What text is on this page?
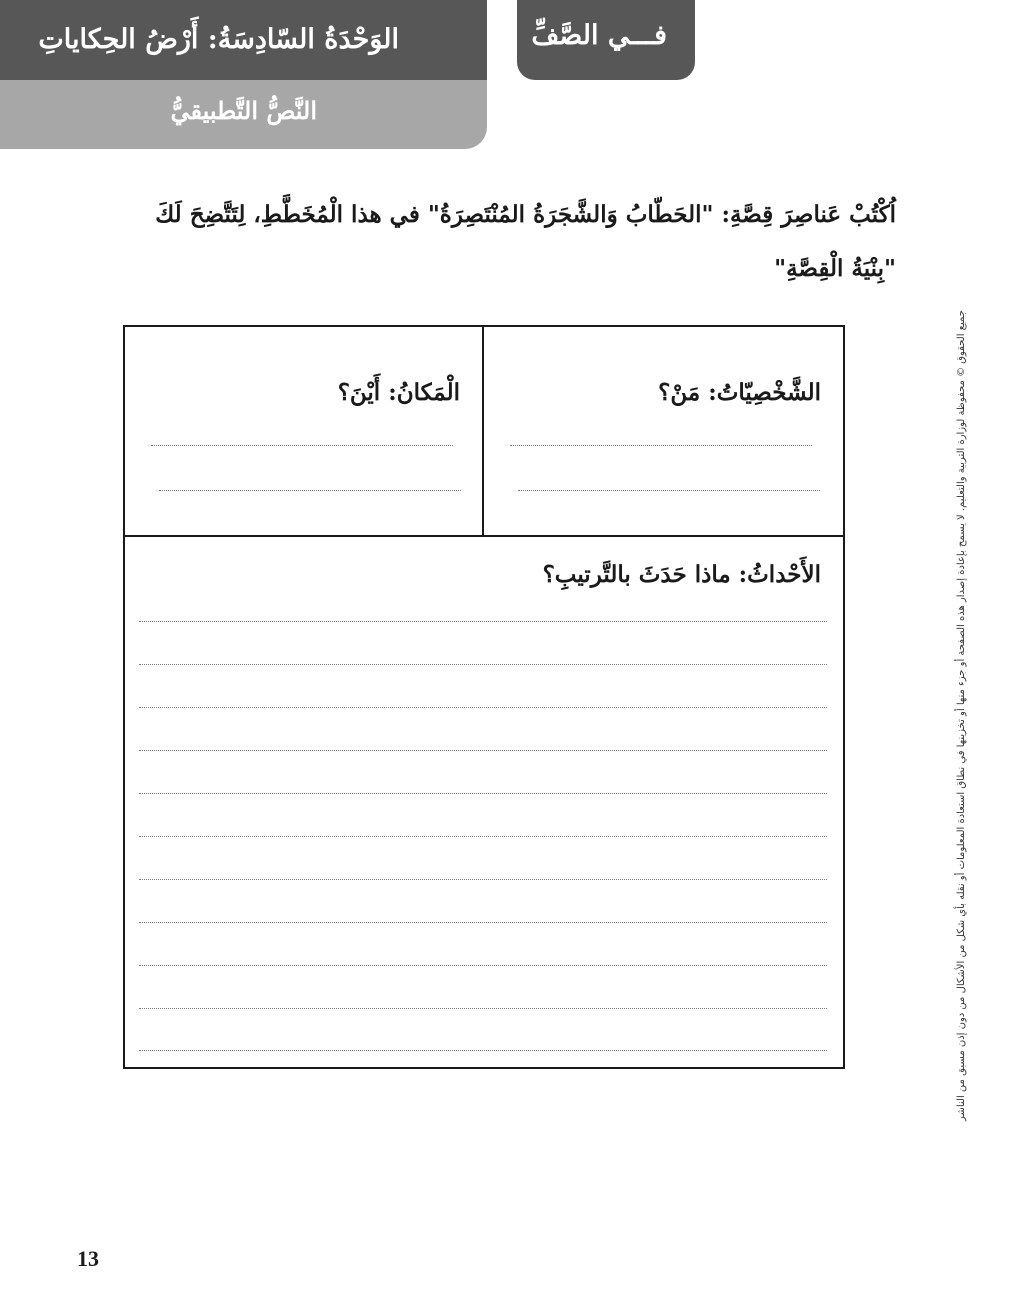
الوَحْدَةُ السّادِسَةُ: أَرْضُ الحِكاياتِ
النَّصُّ التَّطبيقيُّ
فـــي الصَّفِّ
اُكْتُبْ عَناصِرَ قِصَّةِ: "الحَطّابُ وَالشَّجَرَةُ المُنْتَصِرَةُ" في هذا الْمُخَطَّطِ، لِتَتَّضِحَ لَكَ "بِنْيَةُ الْقِصَّةِ"
الشَّخْصِيّاتُ: مَنْ؟
الْمَكانُ: أَيْنَ؟
الأَحْداثُ: ماذا حَدَثَ بالتَّرتيبِ؟	جميع الحقوق © محفوظة لوزارة التربية والتعليم. لا يسمح بإعادة إصدار هذه الصفحة أو جزء منها أو تخزينها في نطاق استعادة المعلومات أو نقله بأي شكل من الأشكال من دون إذن مسبق من الناشر
13
